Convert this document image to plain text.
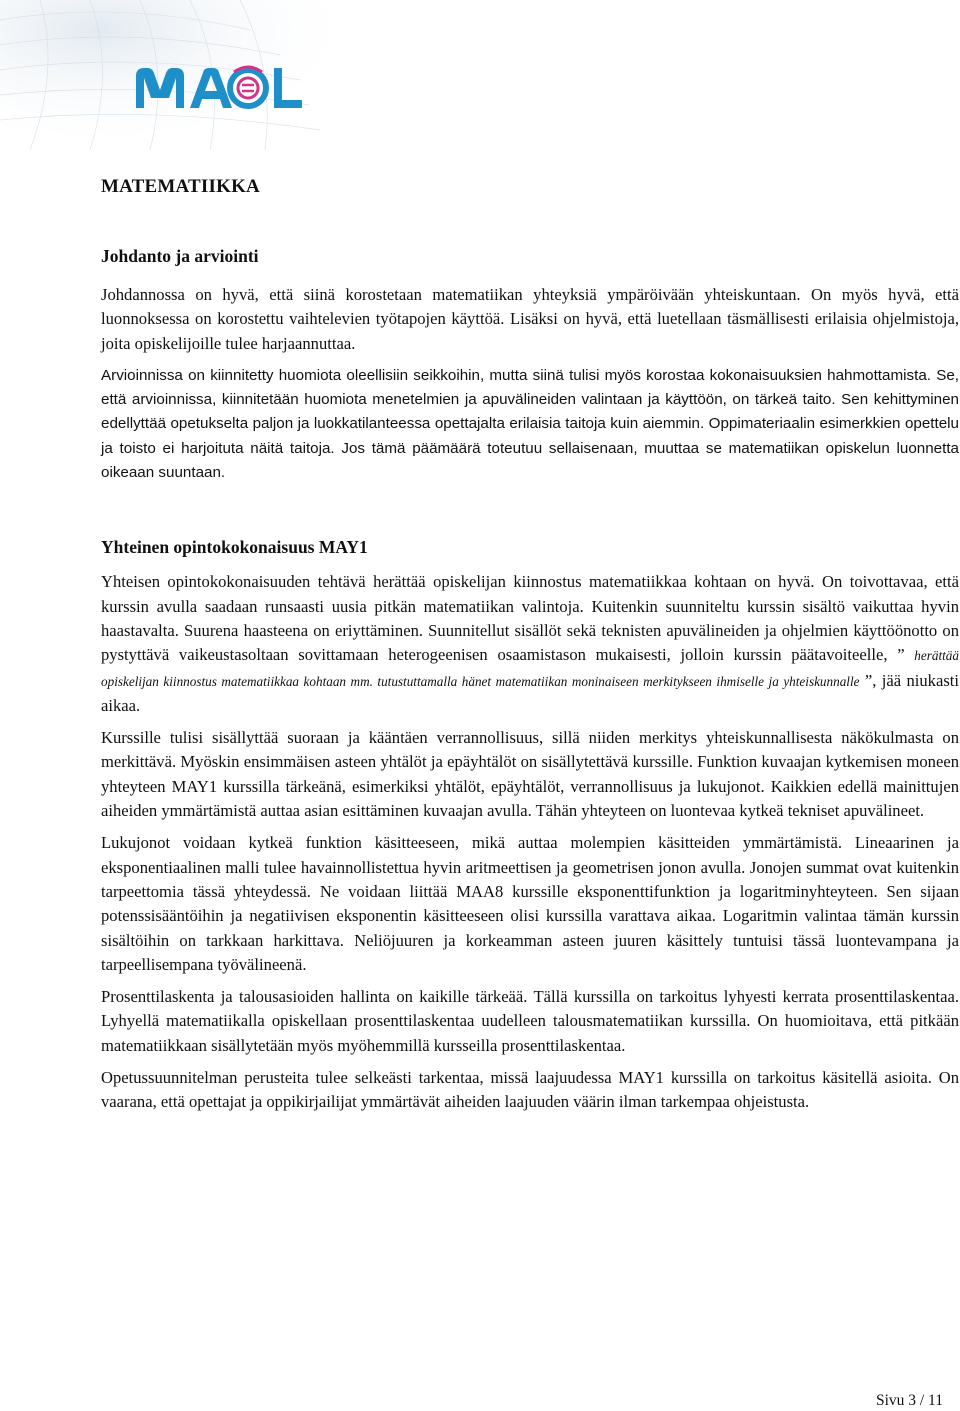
MATEMATIIKKA
Johdanto ja arviointi

Johdannossa on hyvä, että siinä korostetaan matematiikan yhteyksiä ympäröivään yhteiskuntaan. On myös hyvä, että luonnoksessa on korostettu vaihtelevien työtapojen käyttöä. Lisäksi on hyvä, että luetellaan täsmällisesti erilaisia ohjelmistoja, joita opiskelijoille tulee harjaannuttaa.

Arvioinnissa on kiinnitetty huomiota oleellisiin seikkoihin, mutta siinä tulisi myös korostaa kokonaisuuksien hahmottamista. Se, että arvioinnissa, kiinnitetään huomiota menetelmien ja apuvälineiden valintaan ja käyttöön, on tärkeä taito. Sen kehittyminen edellyttää opetukselta paljon ja luokkatilanteessa opettajalta erilaisia taitoja kuin aiemmin. Oppimateriaalin esimerkkien opettelu ja toisto ei harjoituta näitä taitoja. Jos tämä päämäärä toteutuu sellaisenaan, muuttaa se matematiikan opiskelun luonnetta oikeaan suuntaan.

Yhteinen opintokokonaisuus MAY1

Yhteisen opintokokonaisuuden tehtävä herättää opiskelijan kiinnostus matematiikkaa kohtaan on hyvä. On toivottavaa, että kurssin avulla saadaan runsaasti uusia pitkän matematiikan valintoja. Kuitenkin suunniteltu kurssin sisältö vaikuttaa hyvin haastavalta. Suurena haasteena on eriyttäminen. Suunnitellut sisällöt sekä teknisten apuvälineiden ja ohjelmien käyttöönotto on pystyttävä vaikeustasoltaan sovittamaan heterogeenisen osaamistason mukaisesti, jolloin kurssin päätavoiteelle, ” herättää opiskelijan kiinnostus matematiikkaa kohtaan mm. tutustuttamalla hänet matematiikan moninaiseen merkitykseen ihmiselle ja yhteiskunnalle ”, jää niukasti aikaa.

Kurssille tulisi sisällyttää suoraan ja kääntäen verrannollisuus, sillä niiden merkitys yhteiskunnallisesta näkökulmasta on merkittävä. Myöskin ensimmäisen asteen yhtälöt ja epäyhtälöt on sisällytettävä kurssille. Funktion kuvaajan kytkemisen moneen yhteyteen MAY1 kurssilla tärkeänä, esimerkiksi yhtälöt, epäyhtälöt, verrannollisuus ja lukujonot. Kaikkien edellä mainittujen aiheiden ymmärtämistä auttaa asian esittäminen kuvaajan avulla. Tähän yhteyteen on luontevaa kytkeä tekniset apuvälineet.

Lukujonot voidaan kytkeä funktion käsitteeseen, mikä auttaa molempien käsitteiden ymmärtämistä. Lineaarinen ja eksponentiaalinen malli tulee havainnollistettua hyvin aritmeettisen ja geometrisen jonon avulla. Jonojen summat ovat kuitenkin tarpeettomia tässä yhteydessä. Ne voidaan liittää MAA8 kurssille eksponenttifunktion ja logaritminyhteyteen. Sen sijaan potenssisääntöihin ja negatiivisen eksponentin käsitteeseen olisi kurssilla varattava aikaa. Logaritmin valintaa tämän kurssin sisältöihin on tarkkaan harkittava. Neliöjuuren ja korkeamman asteen juuren käsittely tuntuisi tässä luontevampana ja tarpeellisempana työvälineenä.

Prosenttilaskenta ja talousasioiden hallinta on kaikille tärkeää. Tällä kurssilla on tarkoitus lyhyesti kerrata prosenttilaskentaa. Lyhyellä matematiikalla opiskellaan prosenttilaskentaa uudelleen talousmatematiikan kurssilla. On huomioitava, että pitkään matematiikkaan sisällytetään myös myöhemmillä kursseilla prosenttilaskentaa.

Opetussuunnitelman perusteita tulee selkeästi tarkentaa, missä laajuudessa MAY1 kurssilla on tarkoitus käsitellä asioita. On vaarana, että opettajat ja oppikirjailijat ymmärtävät aiheiden laajuuden väärin ilman tarkempaa ohjeistusta.

Sivu 3 / 11
